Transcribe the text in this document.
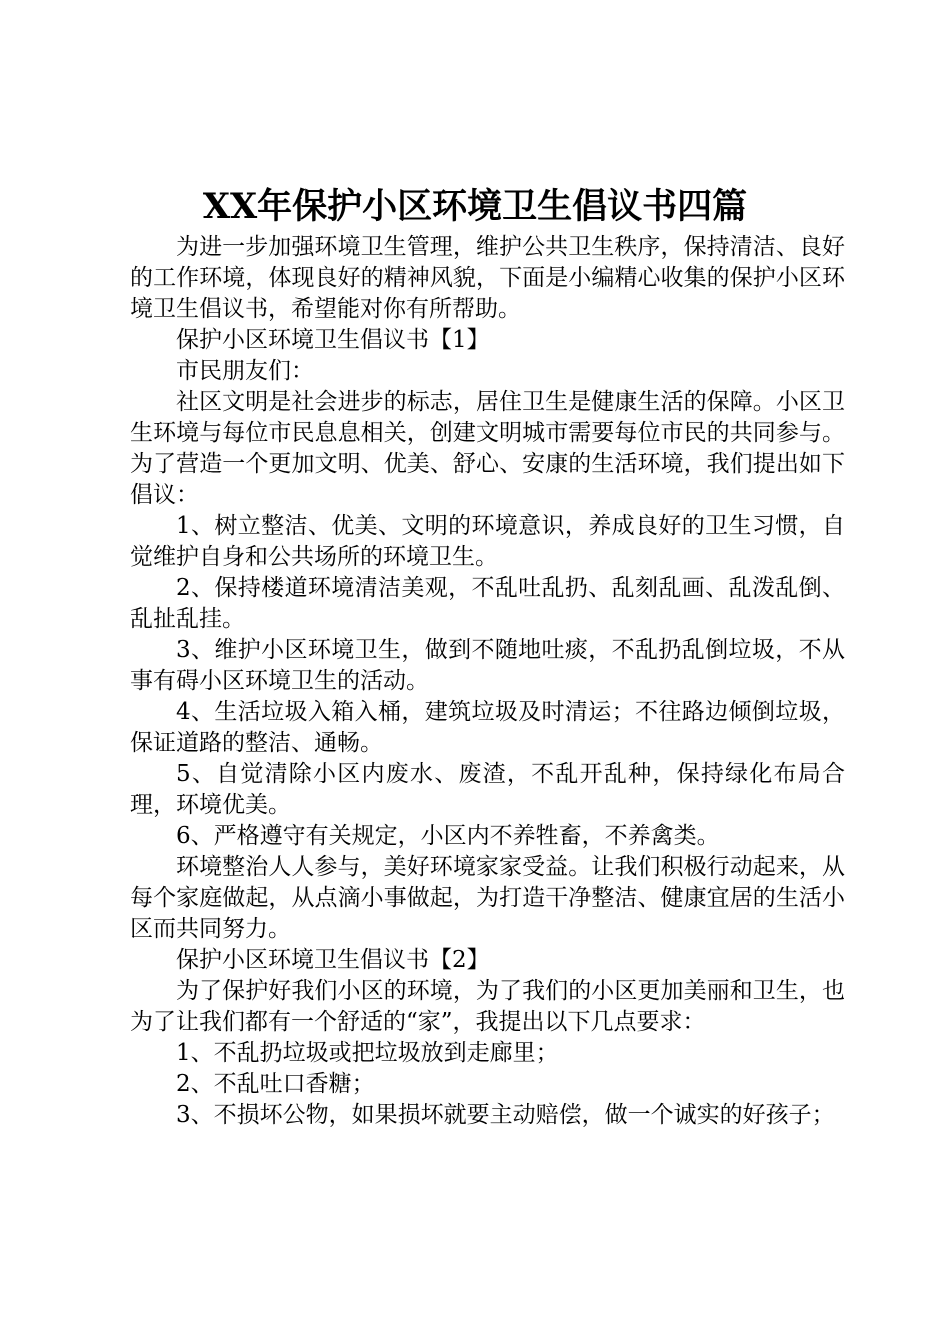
XX年保护小区环境卫生倡议书四篇

为进一步加强环境卫生管理，维护公共卫生秩序，保持清洁、良好的工作环境，体现良好的精神风貌，下面是小编精心收集的保护小区环境卫生倡议书，希望能对你有所帮助。

保护小区环境卫生倡议书【1】

市民朋友们：

社区文明是社会进步的标志，居住卫生是健康生活的保障。小区卫生环境与每位市民息息相关，创建文明城市需要每位市民的共同参与。为了营造一个更加文明、优美、舒心、安康的生活环境，我们提出如下倡议：

1、树立整洁、优美、文明的环境意识，养成良好的卫生习惯，自觉维护自身和公共场所的环境卫生。

2、保持楼道环境清洁美观，不乱吐乱扔、乱刻乱画、乱泼乱倒、乱扯乱挂。

3、维护小区环境卫生，做到不随地吐痰，不乱扔乱倒垃圾，不从事有碍小区环境卫生的活动。

4、生活垃圾入箱入桶，建筑垃圾及时清运；不往路边倾倒垃圾，保证道路的整洁、通畅。

5、自觉清除小区内废水、废渣，不乱开乱种，保持绿化布局合理，环境优美。

6、严格遵守有关规定，小区内不养牲畜，不养禽类。

环境整治人人参与，美好环境家家受益。让我们积极行动起来，从每个家庭做起，从点滴小事做起，为打造干净整洁、健康宜居的生活小区而共同努力。

保护小区环境卫生倡议书【2】

为了保护好我们小区的环境，为了我们的小区更加美丽和卫生，也为了让我们都有一个舒适的“家”，我提出以下几点要求：

1、不乱扔垃圾或把垃圾放到走廊里；

2、不乱吐口香糖；

3、不损坏公物，如果损坏就要主动赔偿，做一个诚实的好孩子；
